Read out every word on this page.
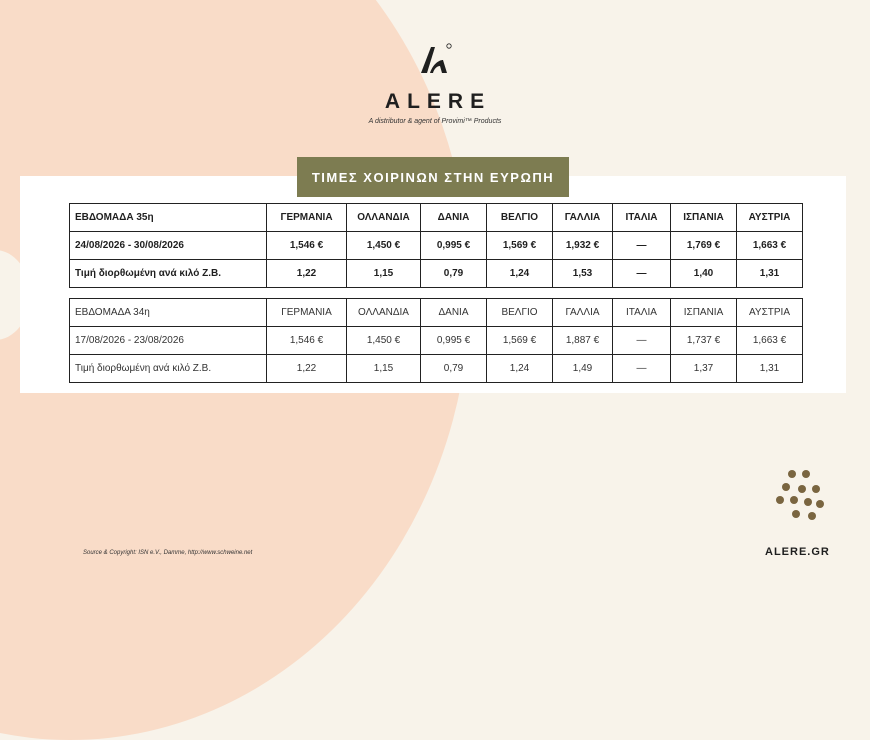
ALERE
A distributor & agent of Provimi™ Products
ΤΙΜΕΣ ΧΟΙΡΙΝΩΝ ΣΤΗΝ ΕΥΡΩΠΗ
ΕΒΔΟΜΑΔΑ 35η	ΓΕΡΜΑΝΙΑ	ΟΛΛΑΝΔΙΑ	ΔΑΝΙΑ	ΒΕΛΓΙΟ	ΓΑΛΛΙΑ	ΙΤΑΛΙΑ	ΙΣΠΑΝΙΑ	ΑΥΣΤΡΙΑ
24/08/2026 - 30/08/2026	1,546 €	1,450 €	0,995 €	1,569 €	1,932 €	—	1,769 €	1,663 €
Τιμή διορθωμένη ανά κιλό Ζ.Β.	1,22	1,15	0,79	1,24	1,53	—	1,40	1,31
ΕΒΔΟΜΑΔΑ 34η	ΓΕΡΜΑΝΙΑ	ΟΛΛΑΝΔΙΑ	ΔΑΝΙΑ	ΒΕΛΓΙΟ	ΓΑΛΛΙΑ	ΙΤΑΛΙΑ	ΙΣΠΑΝΙΑ	ΑΥΣΤΡΙΑ
17/08/2026 - 23/08/2026	1,546 €	1,450 €	0,995 €	1,569 €	1,887 €	—	1,737 €	1,663 €
Τιμή διορθωμένη ανά κιλό Ζ.Β.	1,22	1,15	0,79	1,24	1,49	—	1,37	1,31
Source & Copyright: ISN e.V., Damme, http://www.schweine.net	ALERE.GR
